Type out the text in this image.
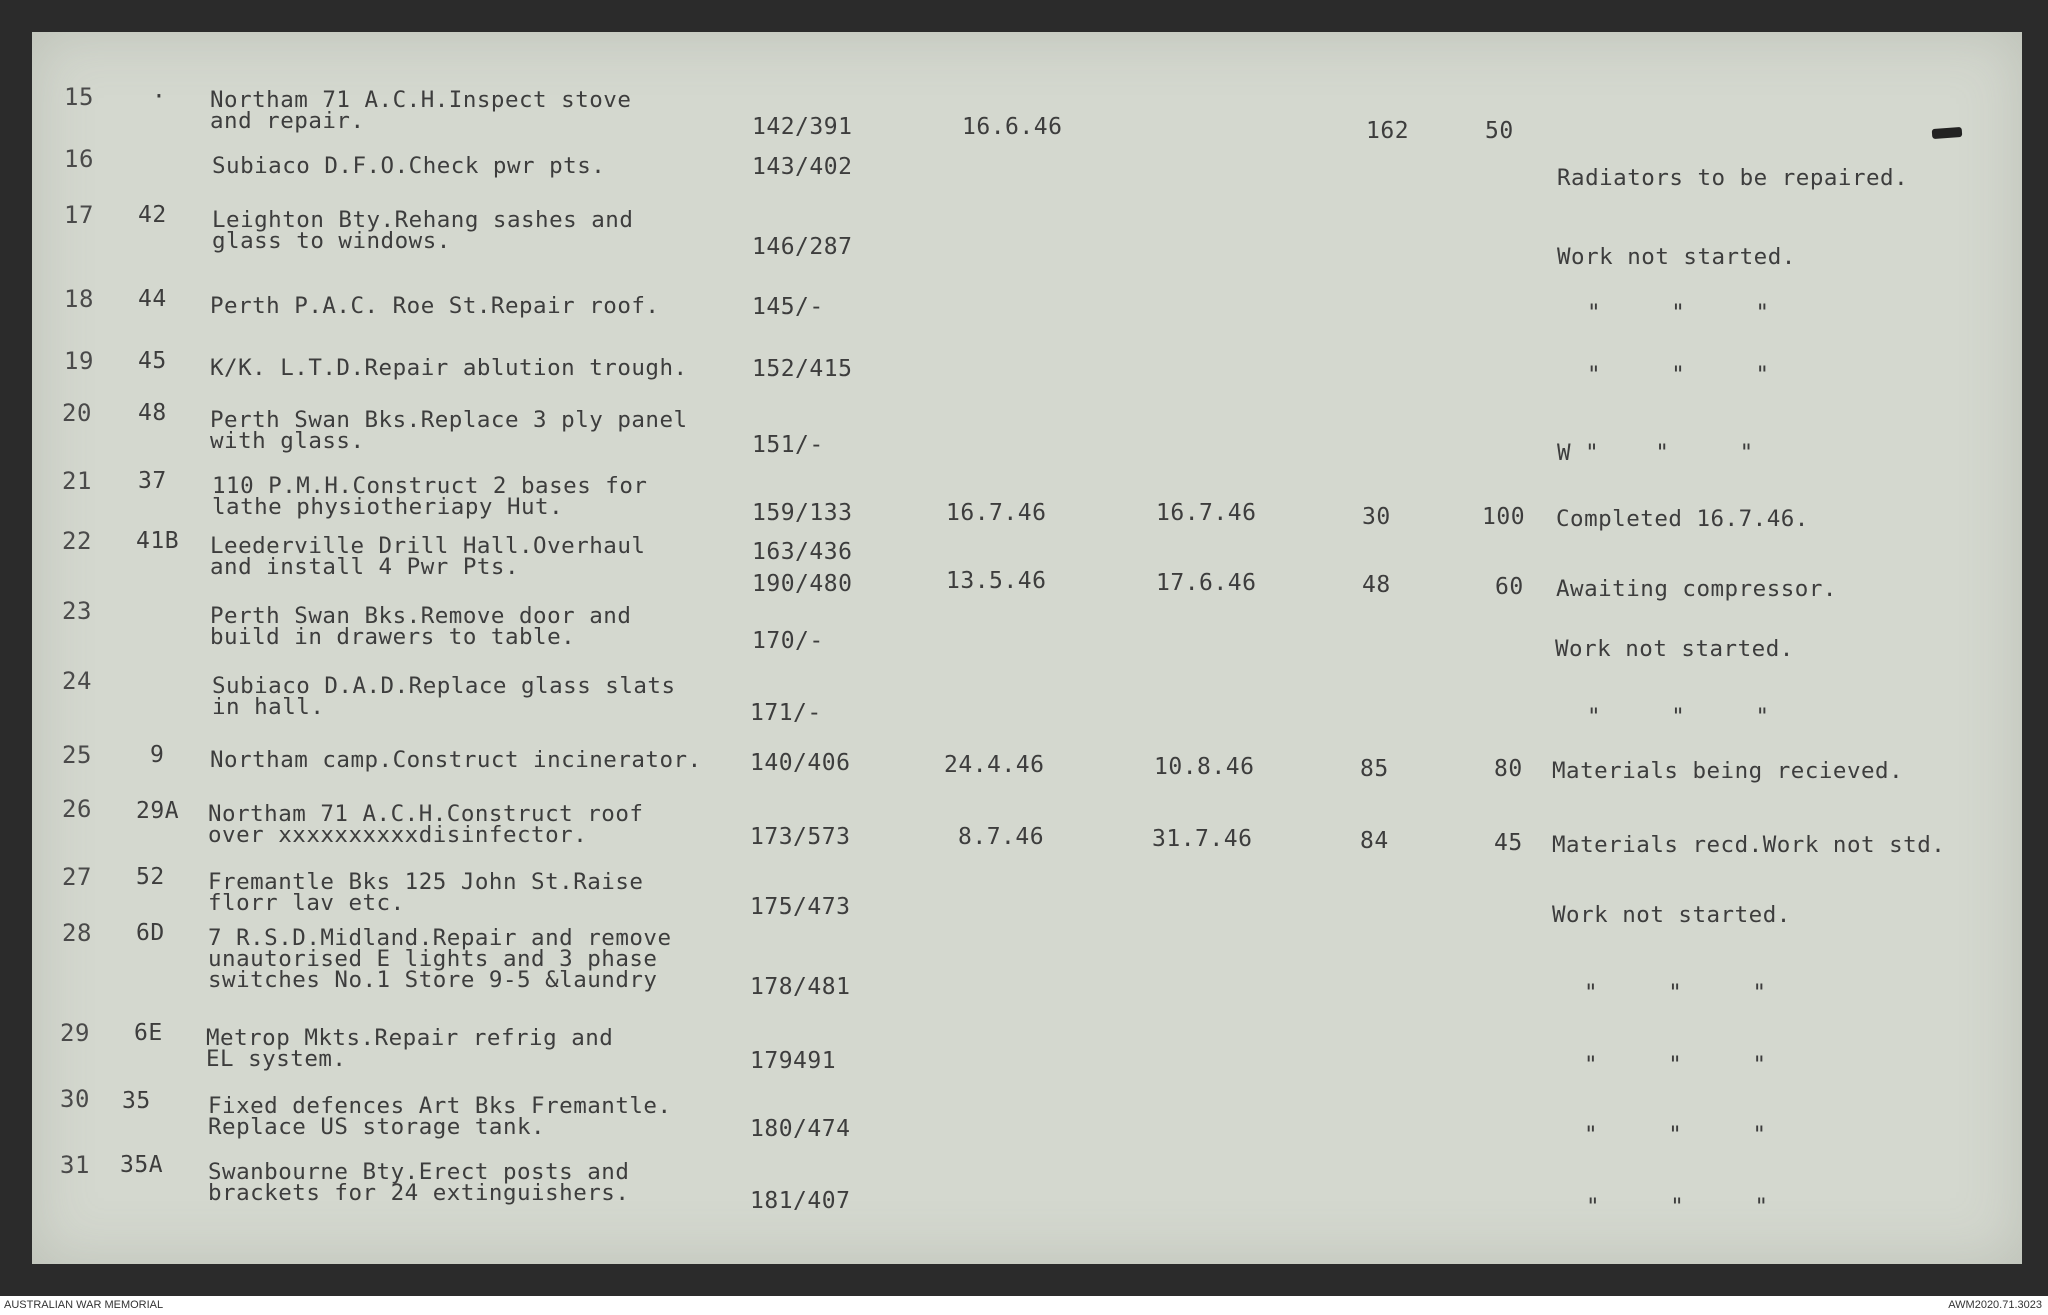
15	· Northam 71 A.C.H.Inspect stove
and repair.	142/391	16.6.46	162	50
16	Subiaco D.F.O.Check pwr pts.	143/402	Radiators to be repaired.
17 42 Leighton Bty.Rehang sashes and
glass to windows.	146/287	Work not started.
18 44 Perth P.A.C. Roe St.Repair roof.	145/-	"     "     "
19 45 K/K. L.T.D.Repair ablution trough.	152/415	"     "     "
20 48 Perth Swan Bks.Replace 3 ply panel
with glass.	151/-	W "    "     "
21 37 110 P.M.H.Construct 2 bases for
lathe physiotheriapy Hut.	159/133	16.7.46	16.7.46	30	100 Completed 16.7.46.
22 41B Leederville Drill Hall.Overhaul
and install 4 Pwr Pts.
163/436
190/480	13.5.46	17.6.46	48	60 Awaiting compressor.
23	Perth Swan Bks.Remove door and
build in drawers to table.	170/-	Work not started.
24	Subiaco D.A.D.Replace glass slats
in hall.	171/-	"     "     "
25	9 Northam camp.Construct incinerator. 140/406	24.4.46	10.8.46	85	80 Materials being recieved.
26 29A Northam 71 A.C.H.Construct roof
over xxxxxxxxxxdisinfector.	173/573	8.7.46	31.7.46	84	45 Materials recd.Work not std.
27 52 Fremantle Bks 125 John St.Raise
florr lav etc.	175/473	Work not started.
28 6D 7 R.S.D.Midland.Repair and remove
unautorised E lights and 3 phase
switches No.1 Store 9-5 &laundry	178/481	"     "     "
29 6E Metrop Mkts.Repair refrig and
EL system.	179491	"     "     "
30 35	Fixed defences Art Bks Fremantle.
Replace US storage tank.	180/474	"     "     "
31 35A Swanbourne Bty.Erect posts and
brackets for 24 extinguishers.	181/407	"     "     "
AUSTRALIAN WAR MEMORIAL	AWM2020.71.3023
